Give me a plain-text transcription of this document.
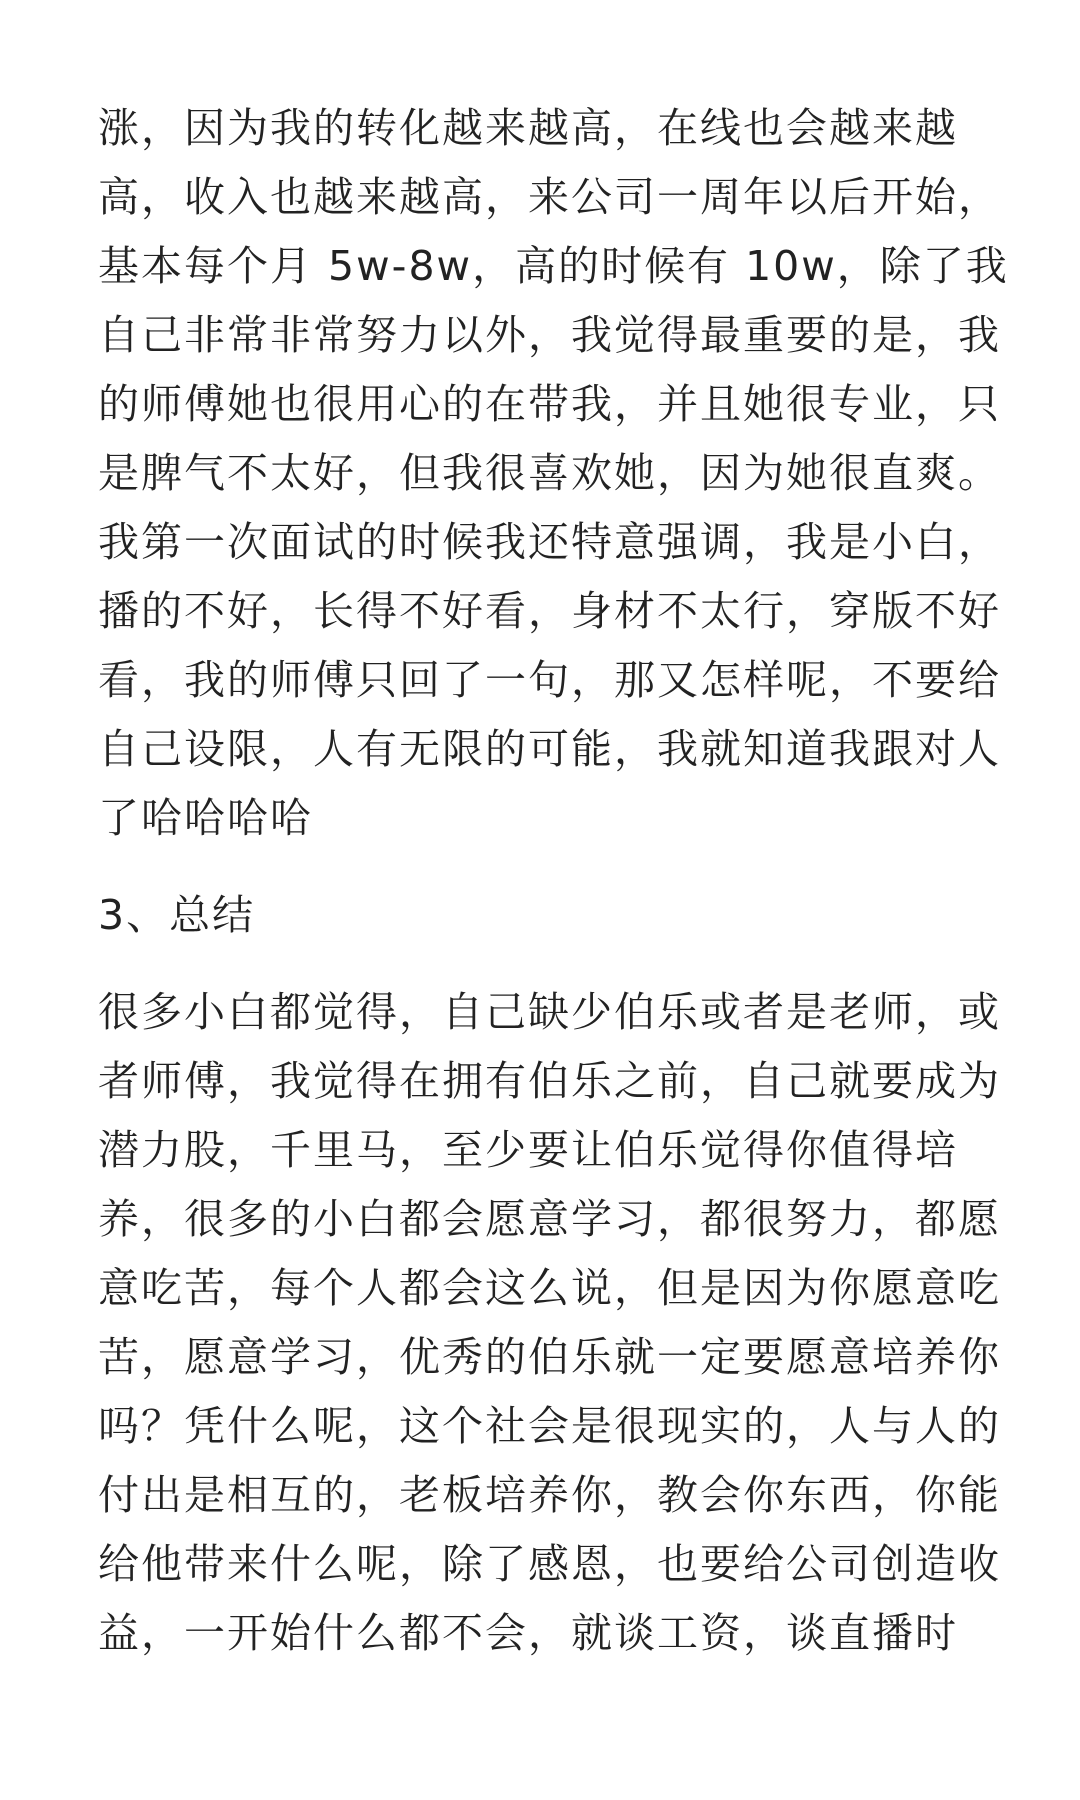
涨，因为我的转化越来越高，在线也会越来越
高，收入也越来越高，来公司一周年以后开始，
基本每个月 5w-8w，高的时候有 10w，除了我
自己非常非常努力以外，我觉得最重要的是，我
的师傅她也很用心的在带我，并且她很专业，只
是脾气不太好，但我很喜欢她，因为她很直爽。
我第一次面试的时候我还特意强调，我是小白，
播的不好，长得不好看，身材不太行，穿版不好
看，我的师傅只回了一句，那又怎样呢，不要给
自己设限，人有无限的可能，我就知道我跟对人
了哈哈哈哈
3、总结
很多小白都觉得，自己缺少伯乐或者是老师，或
者师傅，我觉得在拥有伯乐之前，自己就要成为
潜力股，千里马，至少要让伯乐觉得你值得培
养，很多的小白都会愿意学习，都很努力，都愿
意吃苦，每个人都会这么说，但是因为你愿意吃
苦，愿意学习，优秀的伯乐就一定要愿意培养你
吗？凭什么呢，这个社会是很现实的，人与人的
付出是相互的，老板培养你，教会你东西，你能
给他带来什么呢，除了感恩，也要给公司创造收
益，一开始什么都不会，就谈工资，谈直播时
